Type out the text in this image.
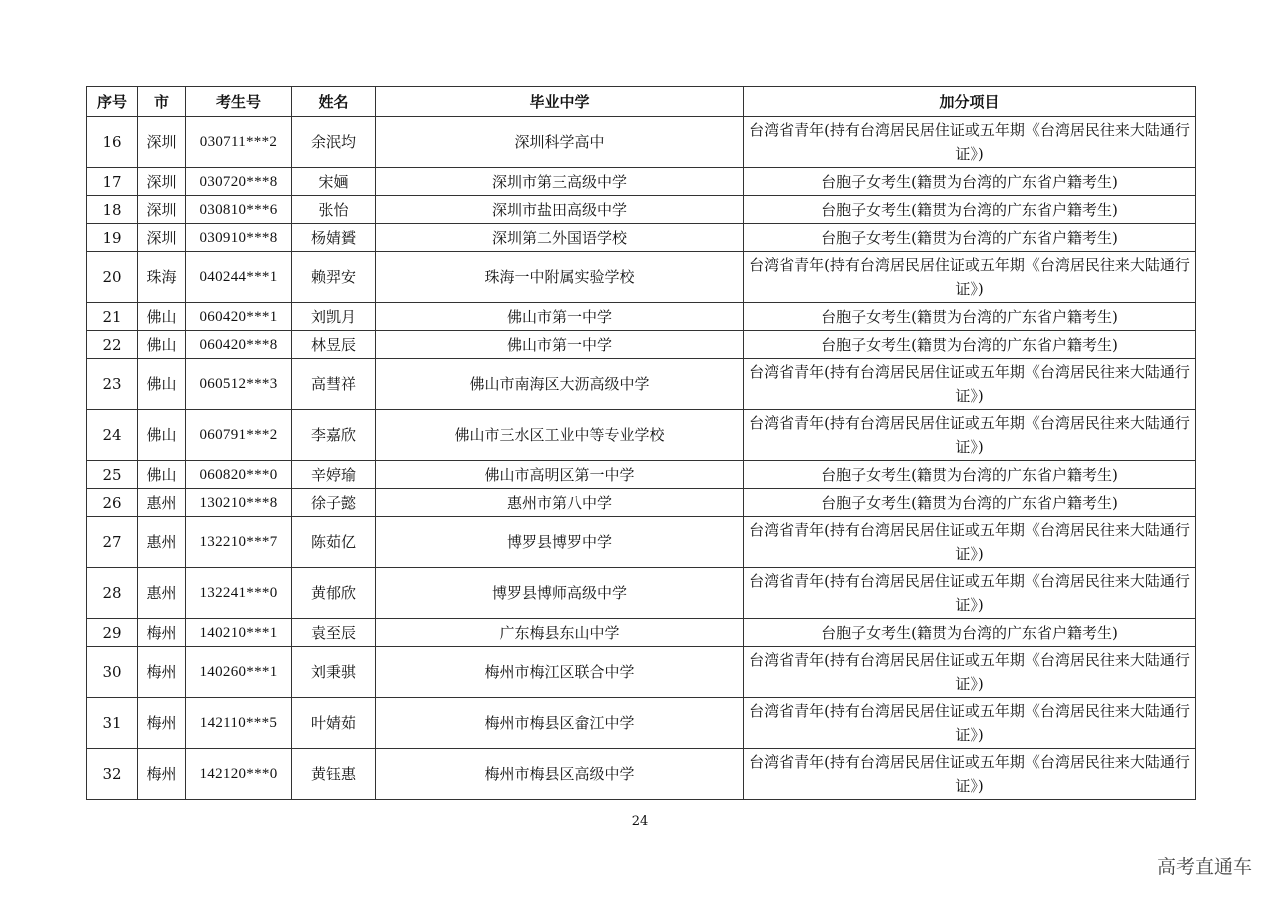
序号	市	考生号	姓名	毕业中学	加分项目
16	深圳	030711***2	余泯均	深圳科学高中	台湾省青年(持有台湾居民居住证或五年期《台湾居民往来大陆通行证》)
17	深圳	030720***8	宋婳	深圳市第三高级中学	台胞子女考生(籍贯为台湾的广东省户籍考生)
18	深圳	030810***6	张怡	深圳市盐田高级中学	台胞子女考生(籍贯为台湾的广东省户籍考生)
19	深圳	030910***8	杨婧贇	深圳第二外国语学校	台胞子女考生(籍贯为台湾的广东省户籍考生)
20	珠海	040244***1	赖羿安	珠海一中附属实验学校	台湾省青年(持有台湾居民居住证或五年期《台湾居民往来大陆通行证》)
21	佛山	060420***1	刘凯月	佛山市第一中学	台胞子女考生(籍贯为台湾的广东省户籍考生)
22	佛山	060420***8	林昱辰	佛山市第一中学	台胞子女考生(籍贯为台湾的广东省户籍考生)
23	佛山	060512***3	高彗祥	佛山市南海区大沥高级中学	台湾省青年(持有台湾居民居住证或五年期《台湾居民往来大陆通行证》)
24	佛山	060791***2	李嘉欣	佛山市三水区工业中等专业学校	台湾省青年(持有台湾居民居住证或五年期《台湾居民往来大陆通行证》)
25	佛山	060820***0	辛婷瑜	佛山市高明区第一中学	台胞子女考生(籍贯为台湾的广东省户籍考生)
26	惠州	130210***8	徐子懿	惠州市第八中学	台胞子女考生(籍贯为台湾的广东省户籍考生)
27	惠州	132210***7	陈茹亿	博罗县博罗中学	台湾省青年(持有台湾居民居住证或五年期《台湾居民往来大陆通行证》)
28	惠州	132241***0	黄郁欣	博罗县博师高级中学	台湾省青年(持有台湾居民居住证或五年期《台湾居民往来大陆通行证》)
29	梅州	140210***1	袁至辰	广东梅县东山中学	台胞子女考生(籍贯为台湾的广东省户籍考生)
30	梅州	140260***1	刘秉骐	梅州市梅江区联合中学	台湾省青年(持有台湾居民居住证或五年期《台湾居民往来大陆通行证》)
31	梅州	142110***5	叶婧茹	梅州市梅县区畲江中学	台湾省青年(持有台湾居民居住证或五年期《台湾居民往来大陆通行证》)
32	梅州	142120***0	黄钰惠	梅州市梅县区高级中学	台湾省青年(持有台湾居民居住证或五年期《台湾居民往来大陆通行证》)
24
高考直通车
